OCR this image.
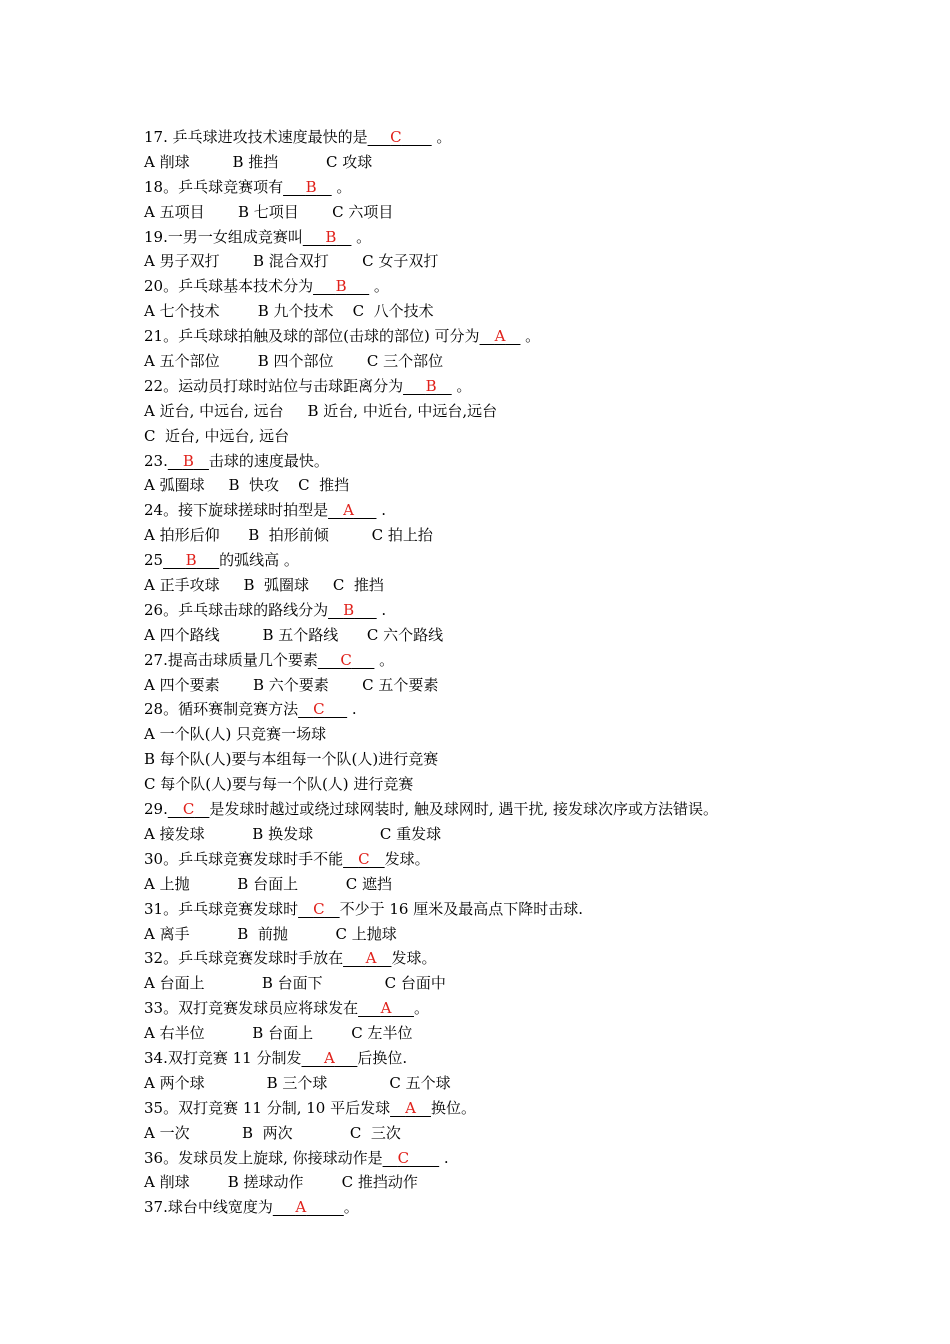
17. 乒乓球进攻技术速度最快的是___C____ 。
A 削球         B 推挡          C 攻球
18。乒乓球竞赛项有___B__ 。
A 五项目       B 七项目       C 六项目
19.一男一女组成竞赛叫___B__ 。
A 男子双打       B 混合双打       C 女子双打
20。乒乓球基本技术分为___B___ 。
A 七个技术        B 九个技术    C  八个技术
21。乒乓球球拍触及球的部位(击球的部位) 可分为__A__ 。
A 五个部位        B 四个部位       C 三个部位
22。运动员打球时站位与击球距离分为___B__ 。
A 近台, 中远台, 远台     B 近台, 中近台, 中远台,远台
C  近台, 中远台, 远台
23.__B__击球的速度最快。
A 弧圈球     B  快攻    C  推挡
24。接下旋球搓球时拍型是__A___ .
A 拍形后仰      B  拍形前倾         C 拍上抬
25___B___的弧线高 。
A 正手攻球     B  弧圈球     C  推挡
26。乒乓球击球的路线分为__B___ .
A 四个路线         B 五个路线      C 六个路线
27.提高击球质量几个要素___C___ 。
A 四个要素       B 六个要素       C 五个要素
28。循环赛制竞赛方法__C___ .
A 一个队(人) 只竞赛一场球
B 每个队(人)要与本组每一个队(人)进行竞赛
C 每个队(人)要与每一个队(人) 进行竞赛
29.__C__是发球时越过或绕过球网装时, 触及球网时, 遇干扰, 接发球次序或方法错误。
A 接发球          B 换发球              C 重发球
30。乒乓球竞赛发球时手不能__C__发球。
A 上抛          B 台面上          C 遮挡
31。乒乓球竞赛发球时__C__不少于 16 厘米及最高点下降时击球.
A 离手          B  前抛          C 上抛球
32。乒乓球竞赛发球时手放在___A__发球。
A 台面上            B 台面下             C 台面中
33。双打竞赛发球员应将球发在___A___。
A 右半位          B 台面上        C 左半位
34.双打竞赛 11 分制发___A___后换位.
A 两个球             B 三个球             C 五个球
35。双打竞赛 11 分制, 10 平后发球__A__换位。
A 一次           B  两次            C  三次
36。发球员发上旋球, 你接球动作是__C____ .
A 削球        B 搓球动作        C 推挡动作
37.球台中线宽度为___A_____。
